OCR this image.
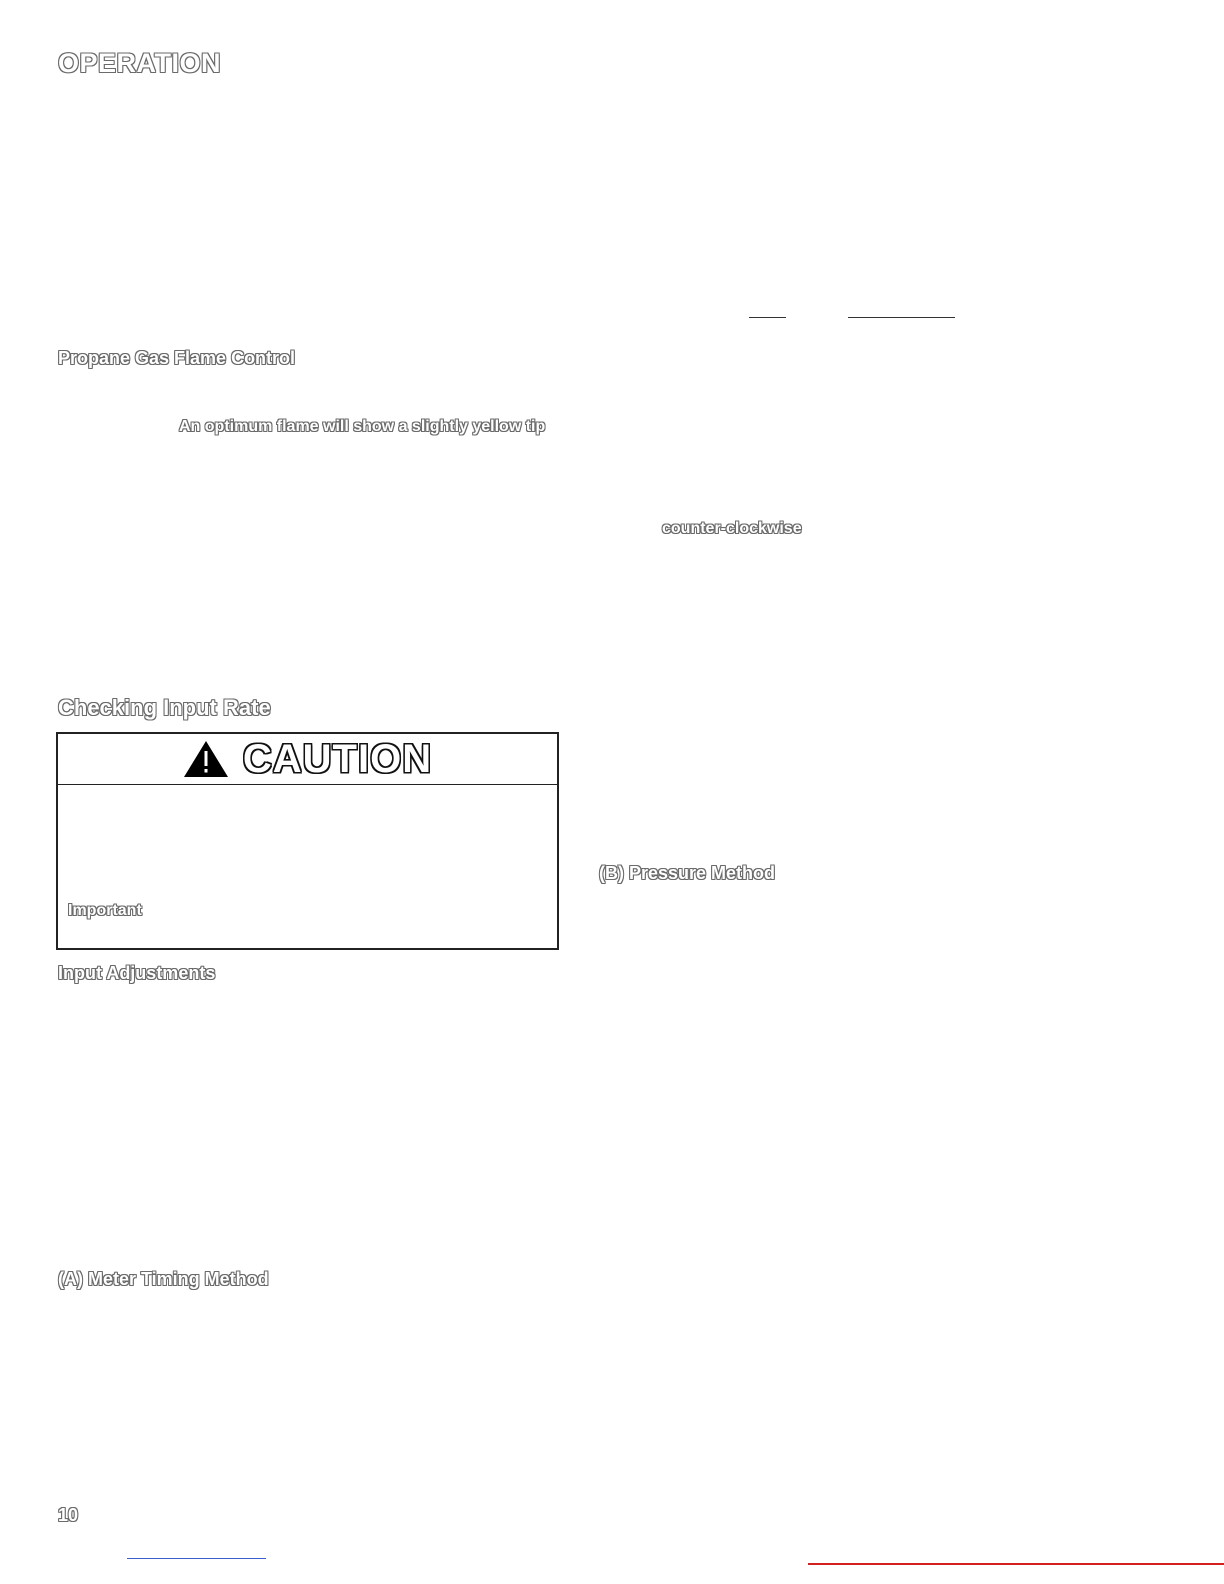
OPERATION
Propane Gas Flame Control
An optimum flame will show a slightly yellow tip
counter-clockwise
Checking Input Rate
CAUTION
Important
Input Adjustments
(B) Pressure Method
(A) Meter Timing Method
10
